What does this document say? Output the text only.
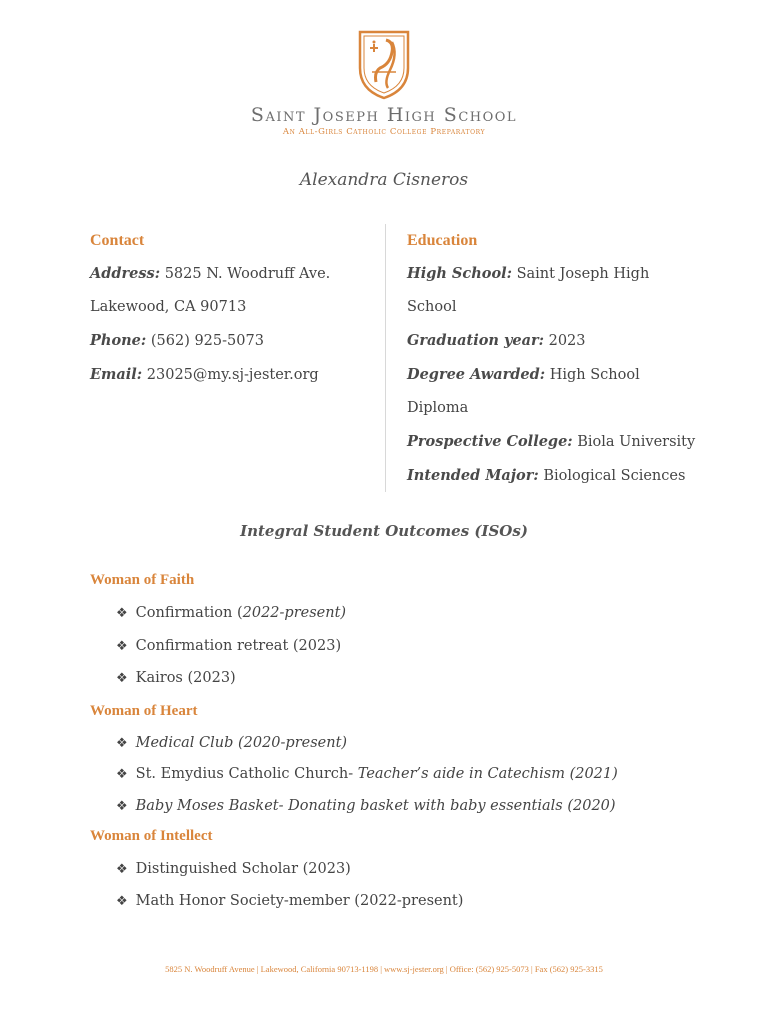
Saint Joseph High School
An All-Girls Catholic College Preparatory
Alexandra Cisneros
Contact
Address: 5825 N. Woodruff Ave.
Lakewood, CA 90713
Phone: (562) 925-5073
Email: 23025@my.sj-jester.org
Education
High School: Saint Joseph High
School
Graduation year: 2023
Degree Awarded: High School
Diploma
Prospective College: Biola University
Intended Major: Biological Sciences
Integral Student Outcomes (ISOs)
Woman of Faith
❖ Confirmation (2022-present)
❖ Confirmation retreat (2023)
❖ Kairos (2023)
Woman of Heart
❖ Medical Club (2020-present)
❖ St. Emydius Catholic Church- Teacher’s aide in Catechism (2021)
❖ Baby Moses Basket- Donating basket with baby essentials (2020)
Woman of Intellect
❖ Distinguished Scholar (2023)
❖ Math Honor Society-member (2022-present)
5825 N. Woodruff Avenue | Lakewood, California 90713-1198 | www.sj-jester.org | Office: (562) 925-5073 | Fax (562) 925-3315
